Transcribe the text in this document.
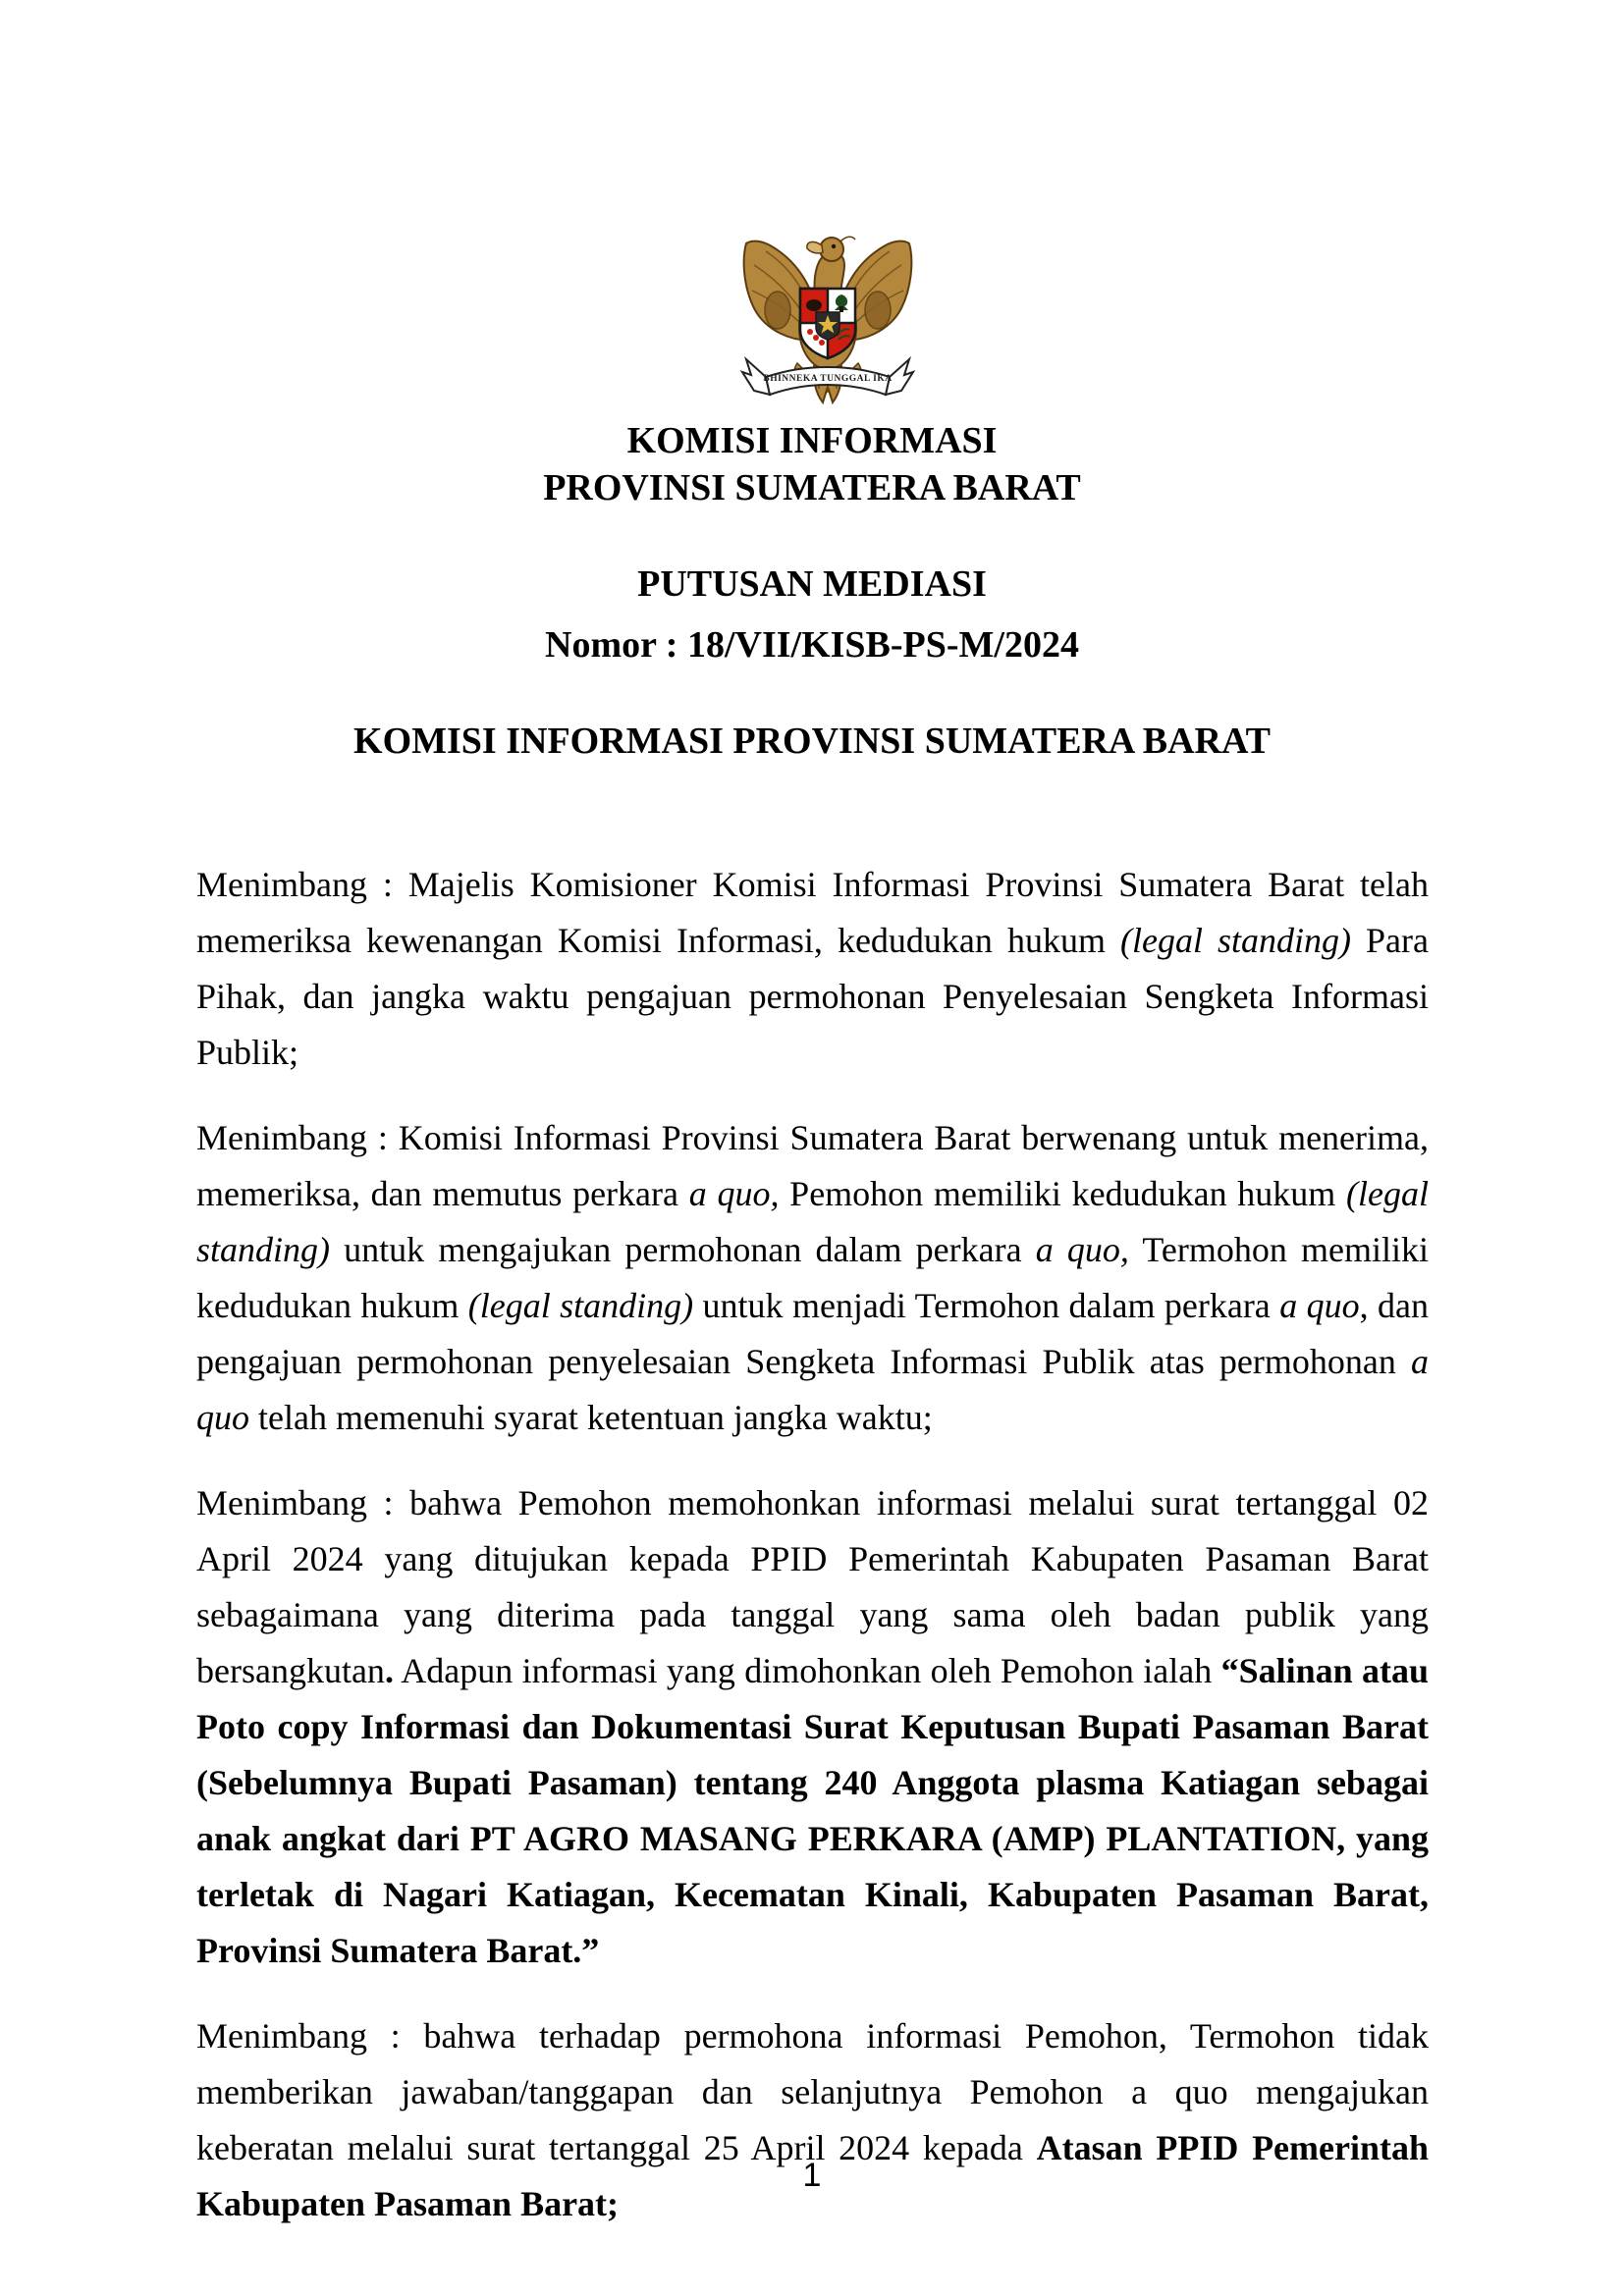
BHINNEKA TUNGGAL IKA
KOMISI INFORMASI
PROVINSI SUMATERA BARAT
PUTUSAN MEDIASI
Nomor : 18/VII/KISB-PS-M/2024
KOMISI INFORMASI PROVINSI SUMATERA BARAT

Menimbang : Majelis Komisioner Komisi Informasi Provinsi Sumatera Barat telah memeriksa kewenangan Komisi Informasi, kedudukan hukum (legal standing) Para Pihak, dan jangka waktu pengajuan permohonan Penyelesaian Sengketa Informasi Publik;

Menimbang : Komisi Informasi Provinsi Sumatera Barat berwenang untuk menerima, memeriksa, dan memutus perkara a quo, Pemohon memiliki kedudukan hukum (legal standing) untuk mengajukan permohonan dalam perkara a quo, Termohon memiliki kedudukan hukum (legal standing) untuk menjadi Termohon dalam perkara a quo, dan pengajuan permohonan penyelesaian Sengketa Informasi Publik atas permohonan a quo telah memenuhi syarat ketentuan jangka waktu;

Menimbang : bahwa Pemohon memohonkan informasi melalui surat tertanggal 02 April 2024 yang ditujukan kepada PPID Pemerintah Kabupaten Pasaman Barat sebagaimana yang diterima pada tanggal yang sama oleh badan publik yang bersangkutan. Adapun informasi yang dimohonkan oleh Pemohon ialah “Salinan atau Poto copy Informasi dan Dokumentasi Surat Keputusan Bupati Pasaman Barat (Sebelumnya Bupati Pasaman) tentang 240 Anggota plasma Katiagan sebagai anak angkat dari PT AGRO MASANG PERKARA (AMP) PLANTATION, yang terletak di Nagari Katiagan, Kecematan Kinali, Kabupaten Pasaman Barat, Provinsi Sumatera Barat.”

Menimbang : bahwa terhadap permohona informasi Pemohon, Termohon tidak memberikan jawaban/tanggapan dan selanjutnya Pemohon a quo mengajukan keberatan melalui surat tertanggal 25 April 2024 kepada Atasan PPID Pemerintah Kabupaten Pasaman Barat;

1
